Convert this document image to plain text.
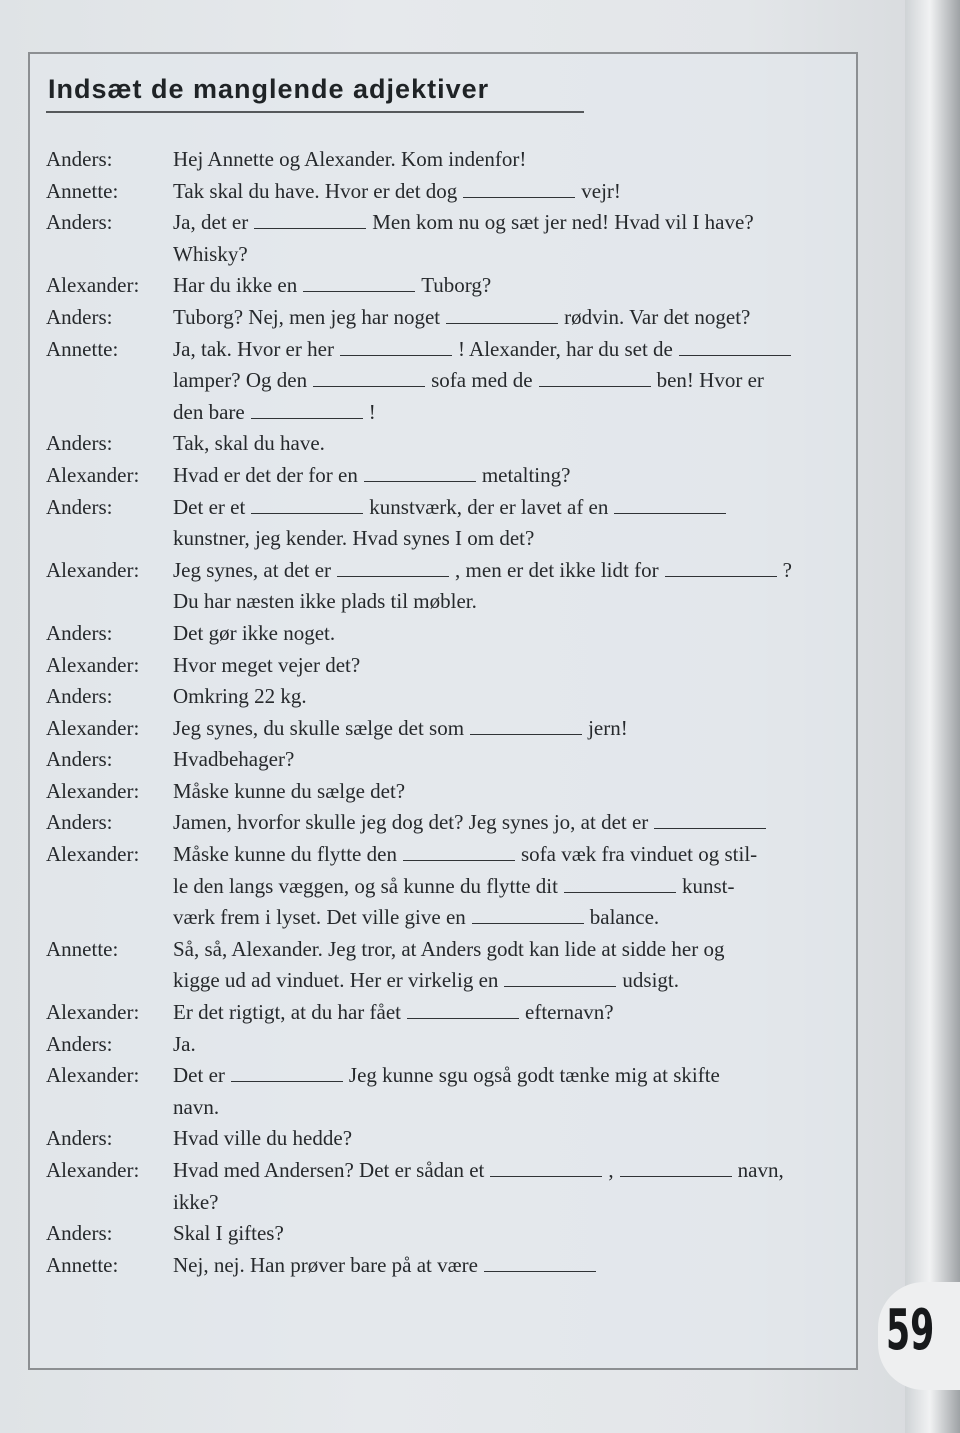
Indsæt de manglende adjektiver
Anders:	Hej Annette og Alexander. Kom indenfor!
Annette:	Tak skal du have. Hvor er det dog	vejr!
Anders:	Ja, det er	Men kom nu og sæt jer ned! Hvad vil I have?
Whisky?
Alexander:	Har du ikke en	Tuborg?
Anders:	Tuborg? Nej, men jeg har noget	rødvin. Var det noget?
Annette:	Ja, tak. Hvor er her	! Alexander, har du set de
lamper? Og den	sofa med de	ben! Hvor er
den bare	!
Anders:	Tak, skal du have.
Alexander:	Hvad er det der for en	metalting?
Anders:	Det er et	kunstværk, der er lavet af en
kunstner, jeg kender. Hvad synes I om det?
Alexander:	Jeg synes, at det er	, men er det ikke lidt for	?
Du har næsten ikke plads til møbler.
Anders:	Det gør ikke noget.
Alexander:	Hvor meget vejer det?
Anders:	Omkring 22 kg.
Alexander:	Jeg synes, du skulle sælge det som	jern!
Anders:	Hvadbehager?
Alexander:	Måske kunne du sælge det?
Anders:	Jamen, hvorfor skulle jeg dog det? Jeg synes jo, at det er
Alexander:	Måske kunne du flytte den	sofa væk fra vinduet og stil-
le den langs væggen, og så kunne du flytte dit	kunst-
værk frem i lyset. Det ville give en	balance.
Annette:	Så, så, Alexander. Jeg tror, at Anders godt kan lide at sidde her og
kigge ud ad vinduet. Her er virkelig en	udsigt.
Alexander:	Er det rigtigt, at du har fået	efternavn?
Anders:	Ja.
Alexander:	Det er	Jeg kunne sgu også godt tænke mig at skifte
navn.
Anders:	Hvad ville du hedde?
Alexander:	Hvad med Andersen? Det er sådan et	,	navn,
ikke?
Anders:	Skal I giftes?
Annette:	Nej, nej. Han prøver bare på at være
59
